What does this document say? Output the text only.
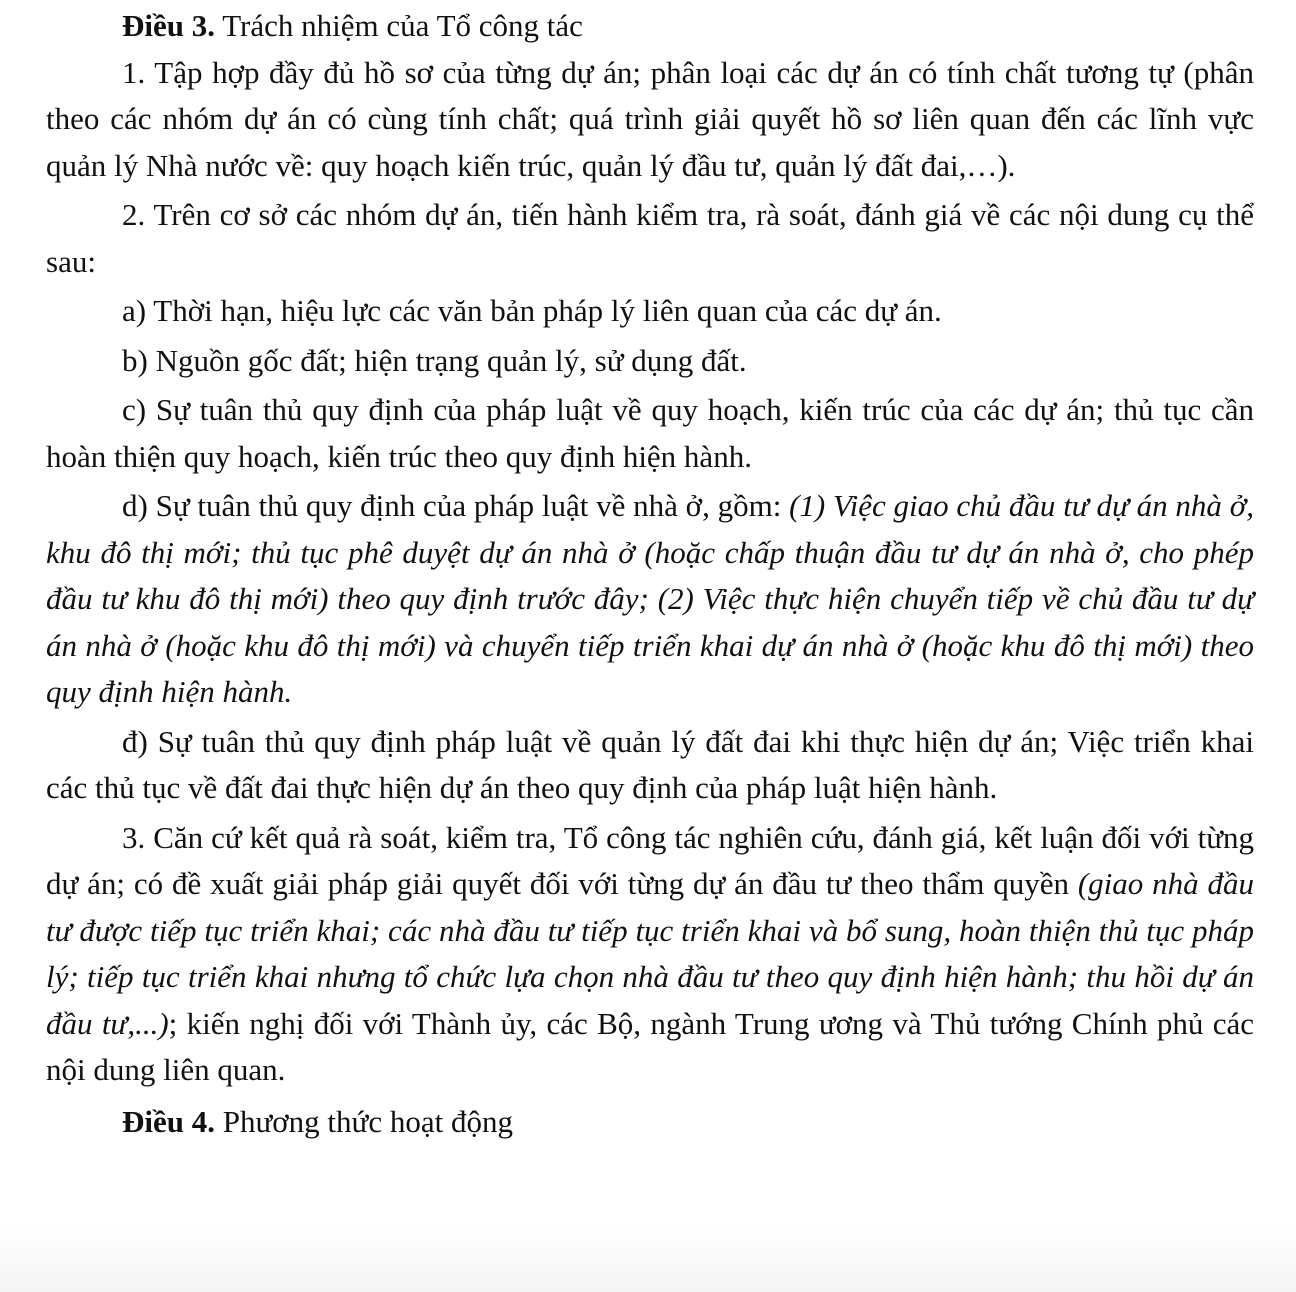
Điều 3. Trách nhiệm của Tổ công tác

1. Tập hợp đầy đủ hồ sơ của từng dự án; phân loại các dự án có tính chất tương tự (phân theo các nhóm dự án có cùng tính chất; quá trình giải quyết hồ sơ liên quan đến các lĩnh vực quản lý Nhà nước về: quy hoạch kiến trúc, quản lý đầu tư, quản lý đất đai,…).

2. Trên cơ sở các nhóm dự án, tiến hành kiểm tra, rà soát, đánh giá về các nội dung cụ thể sau:

a) Thời hạn, hiệu lực các văn bản pháp lý liên quan của các dự án.

b) Nguồn gốc đất; hiện trạng quản lý, sử dụng đất.

c) Sự tuân thủ quy định của pháp luật về quy hoạch, kiến trúc của các dự án; thủ tục cần hoàn thiện quy hoạch, kiến trúc theo quy định hiện hành.

d) Sự tuân thủ quy định của pháp luật về nhà ở, gồm: (1) Việc giao chủ đầu tư dự án nhà ở, khu đô thị mới; thủ tục phê duyệt dự án nhà ở (hoặc chấp thuận đầu tư dự án nhà ở, cho phép đầu tư khu đô thị mới) theo quy định trước đây; (2) Việc thực hiện chuyển tiếp về chủ đầu tư dự án nhà ở (hoặc khu đô thị mới) và chuyển tiếp triển khai dự án nhà ở (hoặc khu đô thị mới) theo quy định hiện hành.

đ) Sự tuân thủ quy định pháp luật về quản lý đất đai khi thực hiện dự án; Việc triển khai các thủ tục về đất đai thực hiện dự án theo quy định của pháp luật hiện hành.

3. Căn cứ kết quả rà soát, kiểm tra, Tổ công tác nghiên cứu, đánh giá, kết luận đối với từng dự án; có đề xuất giải pháp giải quyết đối với từng dự án đầu tư theo thẩm quyền (giao nhà đầu tư được tiếp tục triển khai; các nhà đầu tư tiếp tục triển khai và bổ sung, hoàn thiện thủ tục pháp lý; tiếp tục triển khai nhưng tổ chức lựa chọn nhà đầu tư theo quy định hiện hành; thu hồi dự án đầu tư,...); kiến nghị đối với Thành ủy, các Bộ, ngành Trung ương và Thủ tướng Chính phủ các nội dung liên quan.

Điều 4. Phương thức hoạt động
